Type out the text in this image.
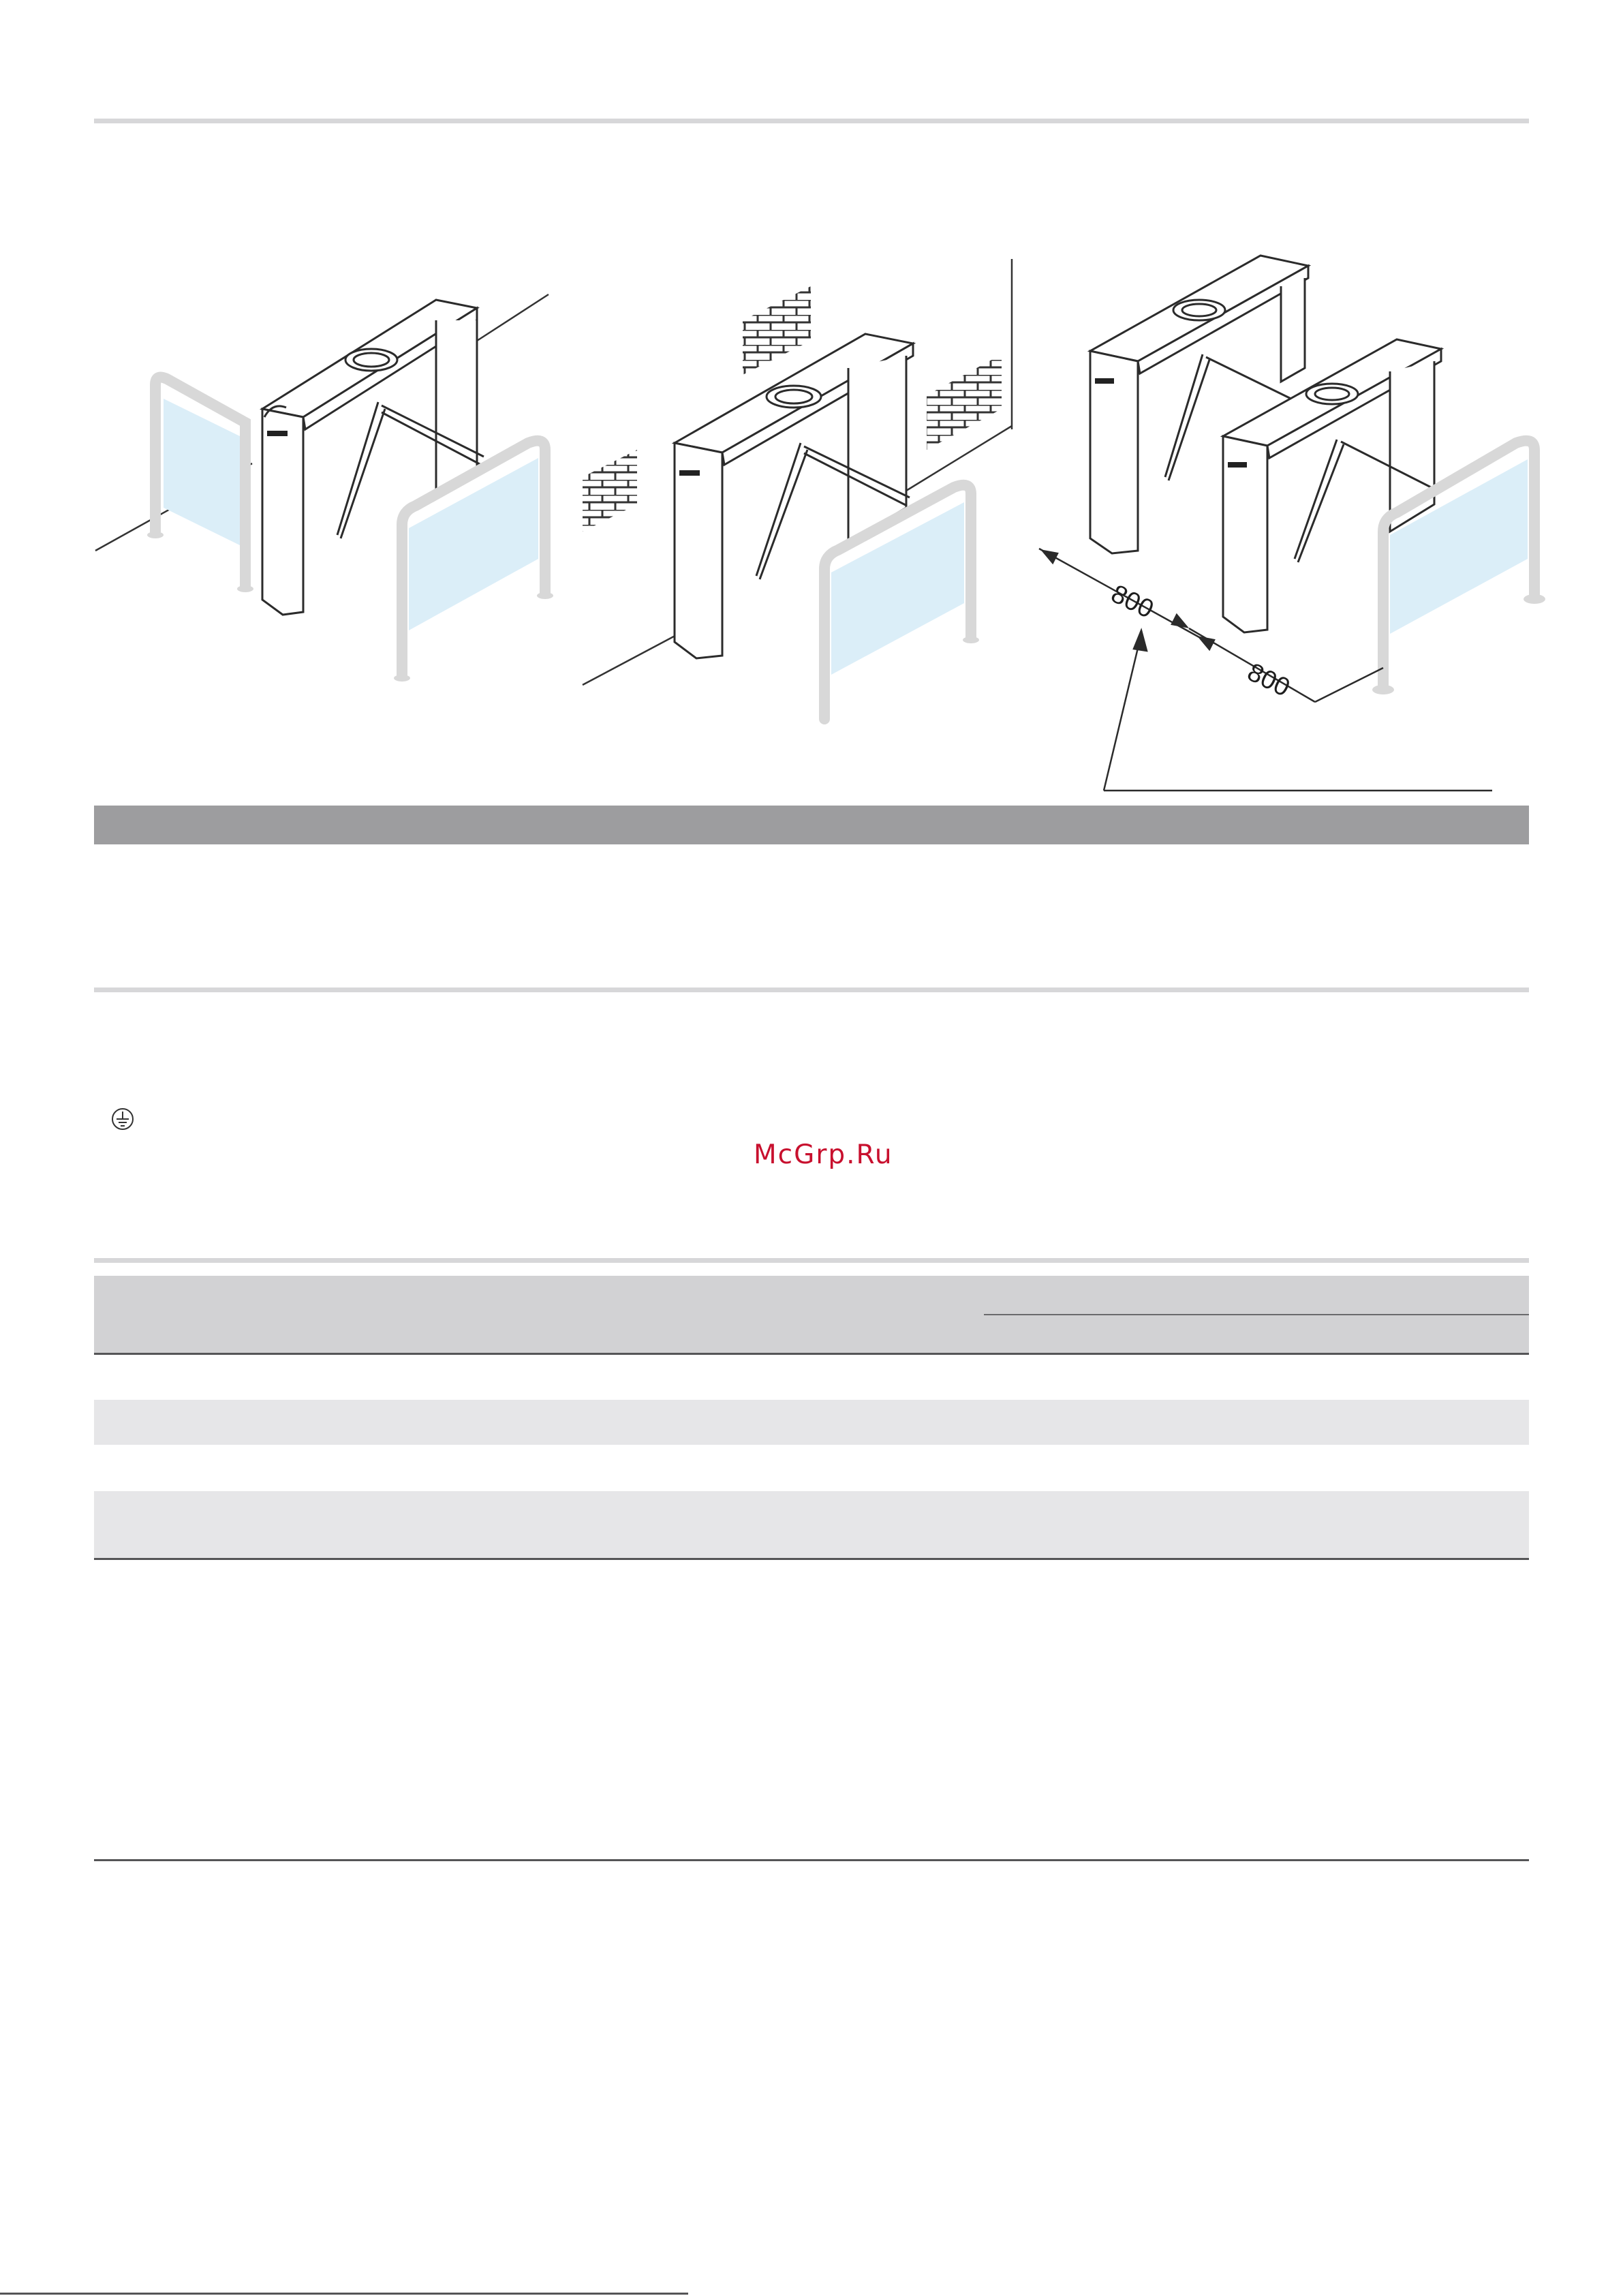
800
800
McGrp.Ru
